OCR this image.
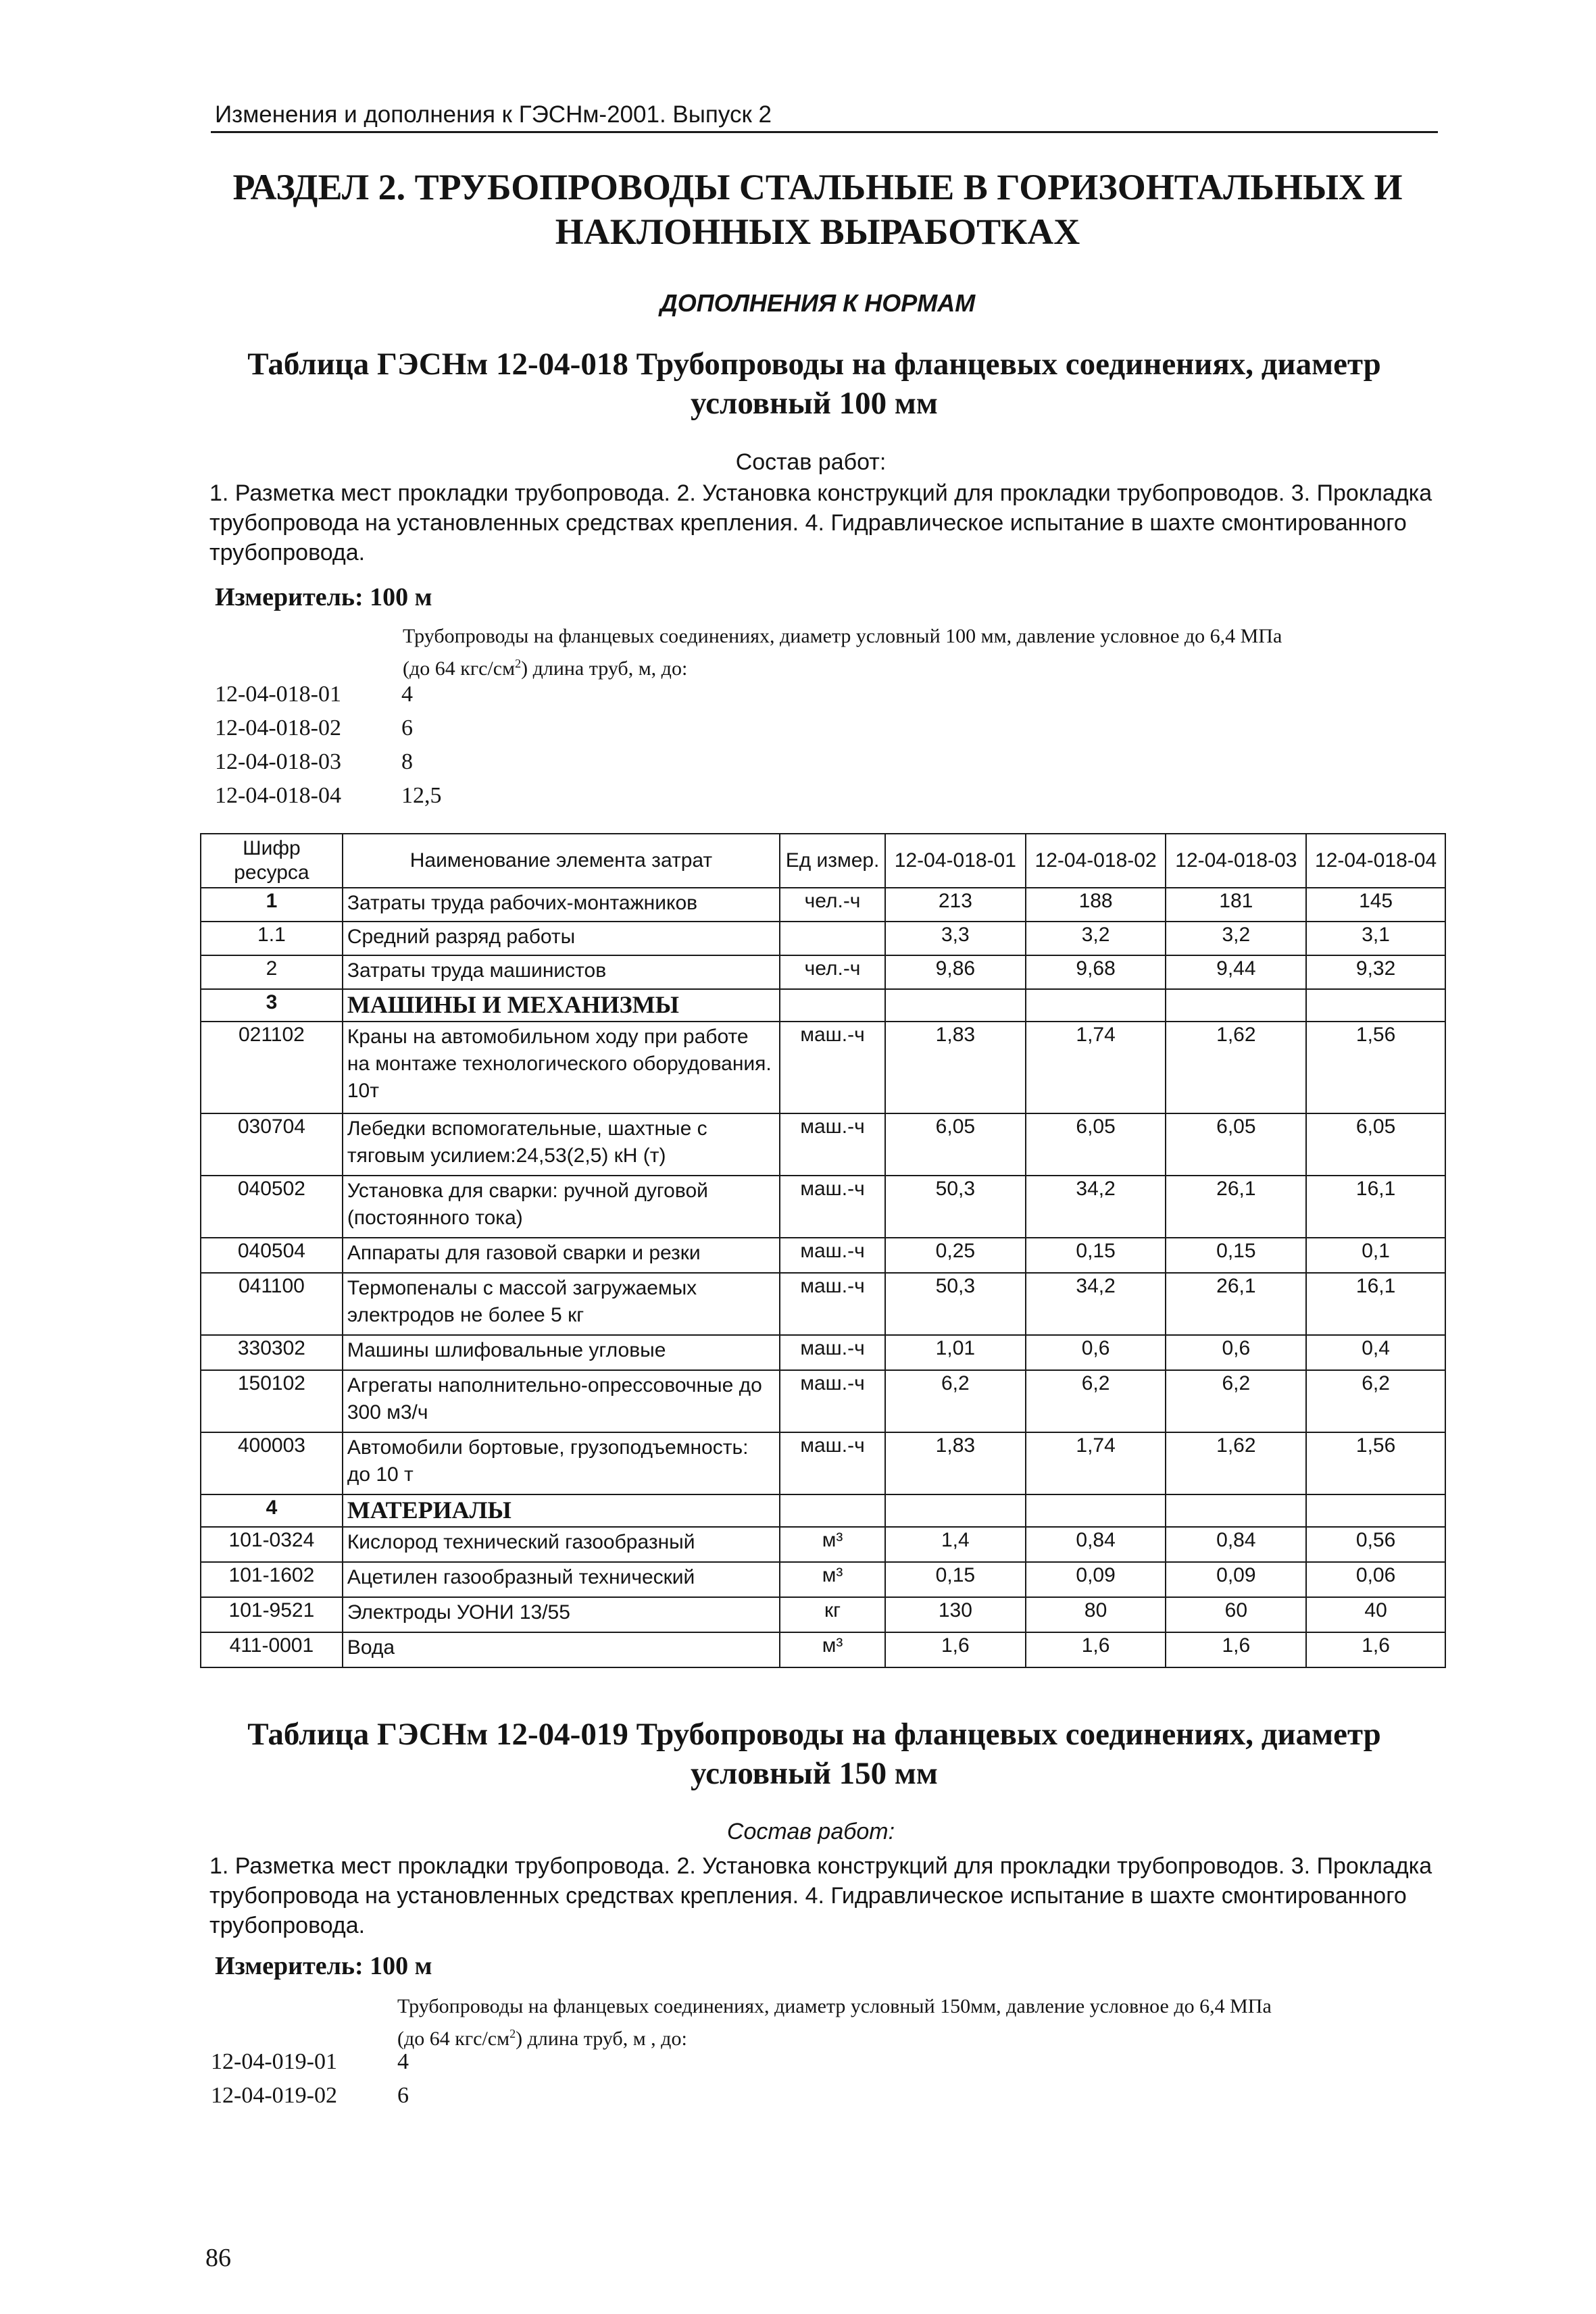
Изменения и дополнения к ГЭСНм-2001. Выпуск 2
РАЗДЕЛ 2. ТРУБОПРОВОДЫ СТАЛЬНЫЕ В ГОРИЗОНТАЛЬНЫХ И
НАКЛОННЫХ ВЫРАБОТКАХ
ДОПОЛНЕНИЯ К НОРМАМ
Таблица ГЭСНм 12-04-018 Трубопроводы на фланцевых соединениях, диаметр
условный 100 мм
Состав работ:
1. Разметка мест прокладки трубопровода. 2. Установка конструкций для прокладки трубопроводов. 3. Прокладка трубопровода на установленных средствах крепления. 4. Гидравлическое испытание в шахте смонтированного трубопровода.
Измеритель: 100 м
Трубопроводы на фланцевых соединениях, диаметр условный 100 мм, давление условное до 6,4 МПа
(до 64 кгс/$см^2$) длина труб, м, до:
12-04-018-01	4
12-04-018-02	6
12-04-018-03	8
12-04-018-04	12,5
Шифр ресурса	Наименование элемента затрат	Ед измер.	12-04-018-01	12-04-018-02	12-04-018-03	12-04-018-04
1	Затраты труда рабочих-монтажников	чел.-ч	213	188	181	145
1.1	Средний разряд работы		3,3	3,2	3,2	3,1
2	Затраты труда машинистов	чел.-ч	9,86	9,68	9,44	9,32
3	МАШИНЫ И МЕХАНИЗМЫ					
021102	Краны на автомобильном ходу при работе на монтаже технологического оборудования. 10т	маш.-ч	1,83	1,74	1,62	1,56
030704	Лебедки вспомогательные, шахтные с тяговым усилием:24,53(2,5) кН (т)	маш.-ч	6,05	6,05	6,05	6,05
040502	Установка для сварки: ручной дуговой (постоянного тока)	маш.-ч	50,3	34,2	26,1	16,1
040504	Аппараты для газовой сварки и резки	маш.-ч	0,25	0,15	0,15	0,1
041100	Термопеналы с массой загружаемых электродов не более 5 кг	маш.-ч	50,3	34,2	26,1	16,1
330302	Машины шлифовальные угловые	маш.-ч	1,01	0,6	0,6	0,4
150102	Агрегаты наполнительно-опрессовочные до 300 м3/ч	маш.-ч	6,2	6,2	6,2	6,2
400003	Автомобили бортовые, грузоподъемность: до 10 т	маш.-ч	1,83	1,74	1,62	1,56
4	МАТЕРИАЛЫ					
101-0324	Кислород технический газообразный	м³	1,4	0,84	0,84	0,56
101-1602	Ацетилен газообразный технический	м³	0,15	0,09	0,09	0,06
101-9521	Электроды УОНИ 13/55	кг	130	80	60	40
411-0001	Вода	м³	1,6	1,6	1,6	1,6
Таблица ГЭСНм 12-04-019 Трубопроводы на фланцевых соединениях, диаметр
условный 150 мм
Состав работ:
1. Разметка мест прокладки трубопровода. 2. Установка конструкций для прокладки трубопроводов. 3. Прокладка трубопровода на установленных средствах крепления. 4. Гидравлическое испытание в шахте смонтированного трубопровода.
Измеритель: 100 м
Трубопроводы на фланцевых соединениях, диаметр условный 150мм, давление условное до 6,4 МПа
(до 64 кгс/$см^2$) длина труб, м , до:
12-04-019-01	4
12-04-019-02	6
86
